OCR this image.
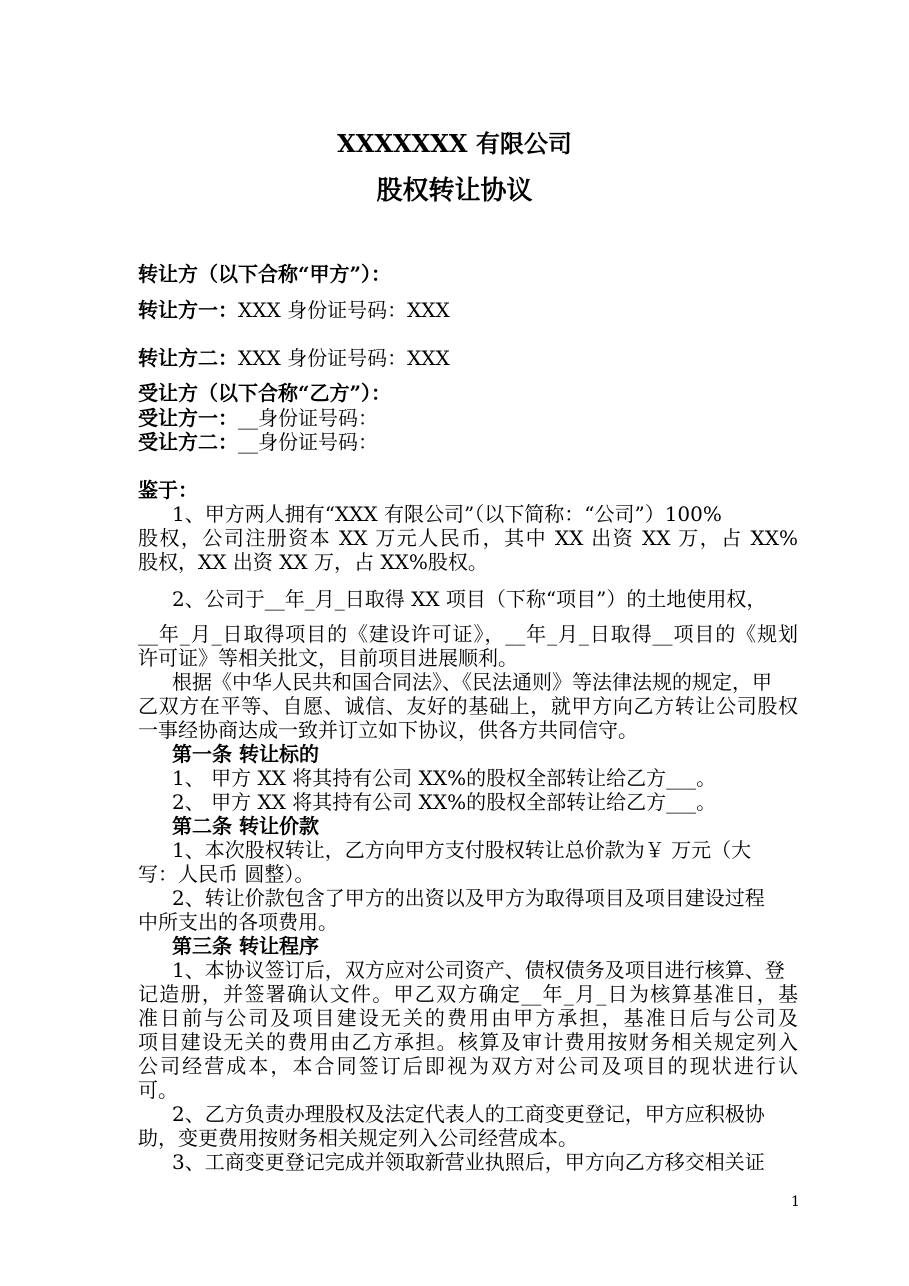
XXXXXXX 有限公司
股权转让协议
转让方（以下合称“甲方”）：
转让方一：XXX 身份证号码：XXX
转让方二：XXX 身份证号码：XXX
受让方（以下合称“乙方”）：
受让方一：__身份证号码：
受让方二：__身份证号码：
鉴于：
1、甲方两人拥有“XXX 有限公司”（以下简称：“公司”）100%
股权，公司注册资本 XX 万元人民币，其中 XX 出资 XX 万，占 XX%
股权，XX 出资 XX 万，占 XX%股权。
2、公司于__年_月_日取得 XX 项目（下称“项目”）的土地使用权，
__年_月_日取得项目的《建设许可证》，__年_月_日取得__项目的《规划
许可证》等相关批文，目前项目进展顺利。
根据《中华人民共和国合同法》、《民法通则》等法律法规的规定，甲
乙双方在平等、自愿、诚信、友好的基础上，就甲方向乙方转让公司股权
一事经协商达成一致并订立如下协议，供各方共同信守。
第一条 转让标的
1、 甲方 XX 将其持有公司 XX%的股权全部转让给乙方___。
2、 甲方 XX 将其持有公司 XX%的股权全部转让给乙方___。
第二条 转让价款
1、本次股权转让，乙方向甲方支付股权转让总价款为￥ 万元（大
写：人民币 圆整）。
2、转让价款包含了甲方的出资以及甲方为取得项目及项目建设过程
中所支出的各项费用。
第三条 转让程序
1、本协议签订后，双方应对公司资产、债权债务及项目进行核算、登
记造册，并签署确认文件。甲乙双方确定__年_月_日为核算基准日，基
准日前与公司及项目建设无关的费用由甲方承担，基准日后与公司及
项目建设无关的费用由乙方承担。核算及审计费用按财务相关规定列入
公司经营成本，本合同签订后即视为双方对公司及项目的现状进行认
可。
2、乙方负责办理股权及法定代表人的工商变更登记，甲方应积极协
助，变更费用按财务相关规定列入公司经营成本。
3、工商变更登记完成并领取新营业执照后，甲方向乙方移交相关证
1
